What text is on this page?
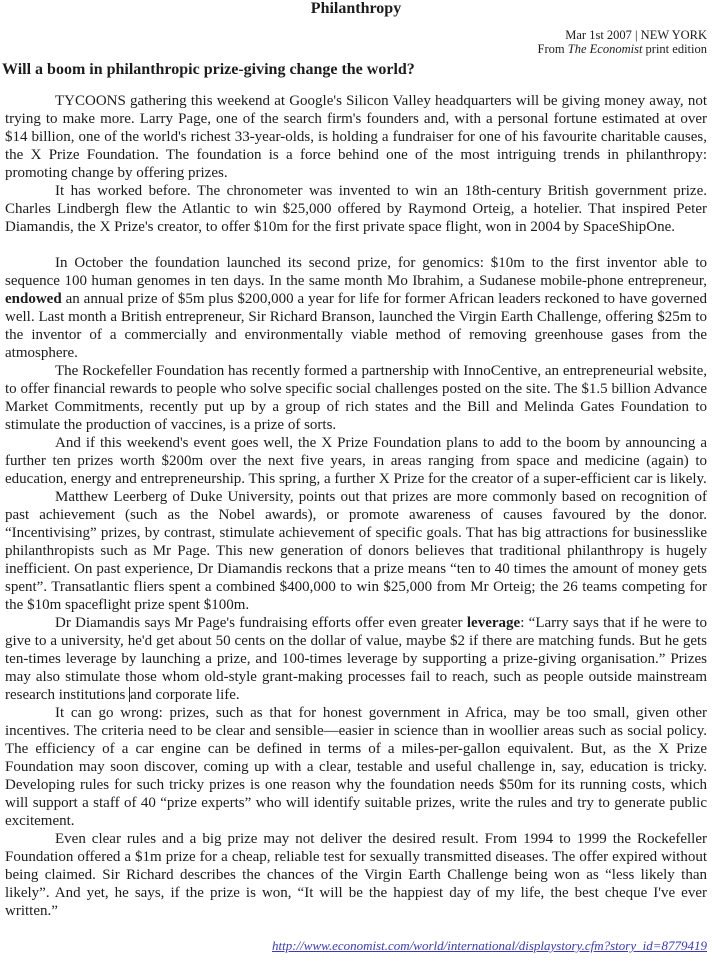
Philanthropy
Mar 1st 2007 | NEW YORK
From The Economist print edition
Will a boom in philanthropic prize-giving change the world?

TYCOONS gathering this weekend at Google's Silicon Valley headquarters will be giving money away, not trying to make more. Larry Page, one of the search firm's founders and, with a personal fortune estimated at over $14 billion, one of the world's richest 33-year-olds, is holding a fundraiser for one of his favourite charitable causes, the X Prize Foundation. The foundation is a force behind one of the most intriguing trends in philanthropy: promoting change by offering prizes.

It has worked before. The chronometer was invented to win an 18th-century British government prize. Charles Lindbergh flew the Atlantic to win $25,000 offered by Raymond Orteig, a hotelier. That inspired Peter Diamandis, the X Prize's creator, to offer $10m for the first private space flight, won in 2004 by SpaceShipOne.

In October the foundation launched its second prize, for genomics: $10m to the first inventor able to sequence 100 human genomes in ten days. In the same month Mo Ibrahim, a Sudanese mobile-phone entrepreneur, endowed an annual prize of $5m plus $200,000 a year for life for former African leaders reckoned to have governed well. Last month a British entrepreneur, Sir Richard Branson, launched the Virgin Earth Challenge, offering $25m to the inventor of a commercially and environmentally viable method of removing greenhouse gases from the atmosphere.

The Rockefeller Foundation has recently formed a partnership with InnoCentive, an entrepreneurial website, to offer financial rewards to people who solve specific social challenges posted on the site. The $1.5 billion Advance Market Commitments, recently put up by a group of rich states and the Bill and Melinda Gates Foundation to stimulate the production of vaccines, is a prize of sorts.

And if this weekend's event goes well, the X Prize Foundation plans to add to the boom by announcing a further ten prizes worth $200m over the next five years, in areas ranging from space and medicine (again) to education, energy and entrepreneurship. This spring, a further X Prize for the creator of a super-efficient car is likely.

Matthew Leerberg of Duke University, points out that prizes are more commonly based on recognition of past achievement (such as the Nobel awards), or promote awareness of causes favoured by the donor. “Incentivising” prizes, by contrast, stimulate achievement of specific goals. That has big attractions for businesslike philanthropists such as Mr Page. This new generation of donors believes that traditional philanthropy is hugely inefficient. On past experience, Dr Diamandis reckons that a prize means “ten to 40 times the amount of money gets spent”. Transatlantic fliers spent a combined $400,000 to win $25,000 from Mr Orteig; the 26 teams competing for the $10m spaceflight prize spent $100m.

Dr Diamandis says Mr Page's fundraising efforts offer even greater leverage: “Larry says that if he were to give to a university, he'd get about 50 cents on the dollar of value, maybe $2 if there are matching funds. But he gets ten-times leverage by launching a prize, and 100-times leverage by supporting a prize-giving organisation.” Prizes may also stimulate those whom old-style grant-making processes fail to reach, such as people outside mainstream research institutions and corporate life.

It can go wrong: prizes, such as that for honest government in Africa, may be too small, given other incentives. The criteria need to be clear and sensible—easier in science than in woollier areas such as social policy. The efficiency of a car engine can be defined in terms of a miles-per-gallon equivalent. But, as the X Prize Foundation may soon discover, coming up with a clear, testable and useful challenge in, say, education is tricky. Developing rules for such tricky prizes is one reason why the foundation needs $50m for its running costs, which will support a staff of 40 “prize experts” who will identify suitable prizes, write the rules and try to generate public excitement.

Even clear rules and a big prize may not deliver the desired result. From 1994 to 1999 the Rockefeller Foundation offered a $1m prize for a cheap, reliable test for sexually transmitted diseases. The offer expired without being claimed. Sir Richard describes the chances of the Virgin Earth Challenge being won as “less likely than likely”. And yet, he says, if the prize is won, “It will be the happiest day of my life, the best cheque I've ever written.”

http://www.economist.com/world/international/displaystory.cfm?story_id=8779419
